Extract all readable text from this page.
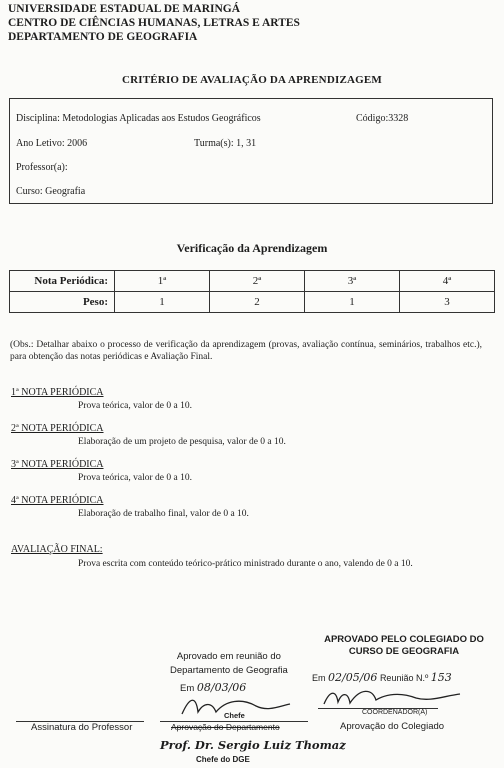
UNIVERSIDADE ESTADUAL DE MARINGÁ
CENTRO DE CIÊNCIAS HUMANAS, LETRAS E ARTES
DEPARTAMENTO DE GEOGRAFIA
CRITÉRIO DE AVALIAÇÃO DA APRENDIZAGEM
Disciplina: Metodologias Aplicadas aos Estudos Geográficos	Código:3328
Ano Letivo: 2006	Turma(s): 1, 31
Professor(a):
Curso: Geografia
Verificação da Aprendizagem
Nota Periódica:	1ª	2ª	3ª	4ª
Peso:	1	2	1	3
(Obs.: Detalhar abaixo o processo de verificação da aprendizagem (provas, avaliação contínua, seminários, trabalhos etc.), para obtenção das notas periódicas e Avaliação Final.
1ª NOTA PERIÓDICA
Prova teórica, valor de 0 a 10.
2ª NOTA PERIÓDICA
Elaboração de um projeto de pesquisa, valor de 0 a 10.
3ª NOTA PERIÓDICA
Prova teórica, valor de 0 a 10.
4ª NOTA PERIÓDICA
Elaboração de trabalho final, valor de 0 a 10.
AVALIAÇÃO FINAL:
Prova escrita com conteúdo teórico-prático ministrado durante o ano, valendo de 0 a 10.
APROVADO PELO COLEGIADO DO
CURSO DE GEOGRAFIA
Em 02/05/06 Reunião N.º 153
COORDENADOR(A)
Aprovação do Colegiado
Aprovado em reunião do
Departamento de Geografia
Em 08/03/06
Chefe
Aprovação do Departamento
Prof. Dr. Sergio Luiz Thomaz
Chefe do DGE
Assinatura do Professor
